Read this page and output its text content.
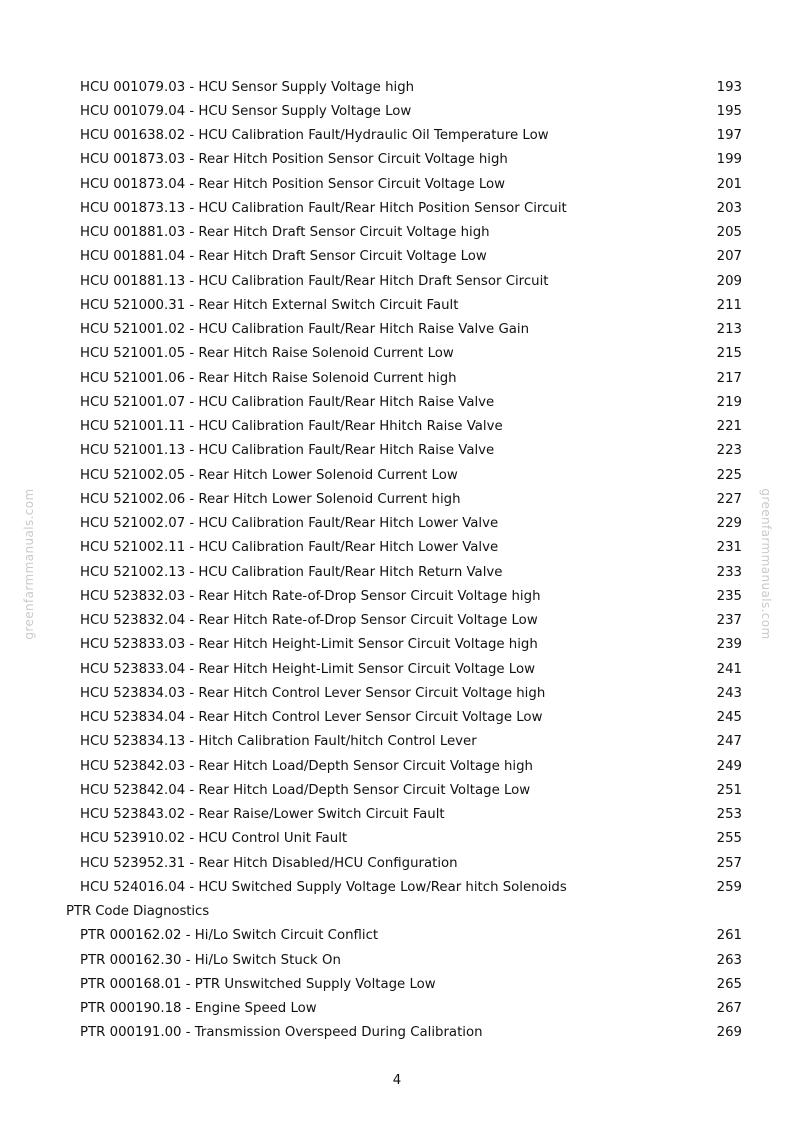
greenfarmmanuals.com	greenfarmmanuals.com
HCU 001079.03 - HCU Sensor Supply Voltage high	193
HCU 001079.04 - HCU Sensor Supply Voltage Low	195
HCU 001638.02 - HCU Calibration Fault/Hydraulic Oil Temperature Low	197
HCU 001873.03 - Rear Hitch Position Sensor Circuit Voltage high	199
HCU 001873.04 - Rear Hitch Position Sensor Circuit Voltage Low	201
HCU 001873.13 - HCU Calibration Fault/Rear Hitch Position Sensor Circuit	203
HCU 001881.03 - Rear Hitch Draft Sensor Circuit Voltage high	205
HCU 001881.04 - Rear Hitch Draft Sensor Circuit Voltage Low	207
HCU 001881.13 - HCU Calibration Fault/Rear Hitch Draft Sensor Circuit	209
HCU 521000.31 - Rear Hitch External Switch Circuit Fault	211
HCU 521001.02 - HCU Calibration Fault/Rear Hitch Raise Valve Gain	213
HCU 521001.05 - Rear Hitch Raise Solenoid Current Low	215
HCU 521001.06 - Rear Hitch Raise Solenoid Current high	217
HCU 521001.07 - HCU Calibration Fault/Rear Hitch Raise Valve	219
HCU 521001.11 - HCU Calibration Fault/Rear Hhitch Raise Valve	221
HCU 521001.13 - HCU Calibration Fault/Rear Hitch Raise Valve	223
HCU 521002.05 - Rear Hitch Lower Solenoid Current Low	225
HCU 521002.06 - Rear Hitch Lower Solenoid Current high	227
HCU 521002.07 - HCU Calibration Fault/Rear Hitch Lower Valve	229
HCU 521002.11 - HCU Calibration Fault/Rear Hitch Lower Valve	231
HCU 521002.13 - HCU Calibration Fault/Rear Hitch Return Valve	233
HCU 523832.03 - Rear Hitch Rate-of-Drop Sensor Circuit Voltage high	235
HCU 523832.04 - Rear Hitch Rate-of-Drop Sensor Circuit Voltage Low	237
HCU 523833.03 - Rear Hitch Height-Limit Sensor Circuit Voltage high	239
HCU 523833.04 - Rear Hitch Height-Limit Sensor Circuit Voltage Low	241
HCU 523834.03 - Rear Hitch Control Lever Sensor Circuit Voltage high	243
HCU 523834.04 - Rear Hitch Control Lever Sensor Circuit Voltage Low	245
HCU 523834.13 - Hitch Calibration Fault/hitch Control Lever	247
HCU 523842.03 - Rear Hitch Load/Depth Sensor Circuit Voltage high	249
HCU 523842.04 - Rear Hitch Load/Depth Sensor Circuit Voltage Low	251
HCU 523843.02 - Rear Raise/Lower Switch Circuit Fault	253
HCU 523910.02 - HCU Control Unit Fault	255
HCU 523952.31 - Rear Hitch Disabled/HCU Configuration	257
HCU 524016.04 - HCU Switched Supply Voltage Low/Rear hitch Solenoids	259
PTR Code Diagnostics
PTR 000162.02 - Hi/Lo Switch Circuit Conflict	261
PTR 000162.30 - Hi/Lo Switch Stuck On	263
PTR 000168.01 - PTR Unswitched Supply Voltage Low	265
PTR 000190.18 - Engine Speed Low	267
PTR 000191.00 - Transmission Overspeed During Calibration	269
4
